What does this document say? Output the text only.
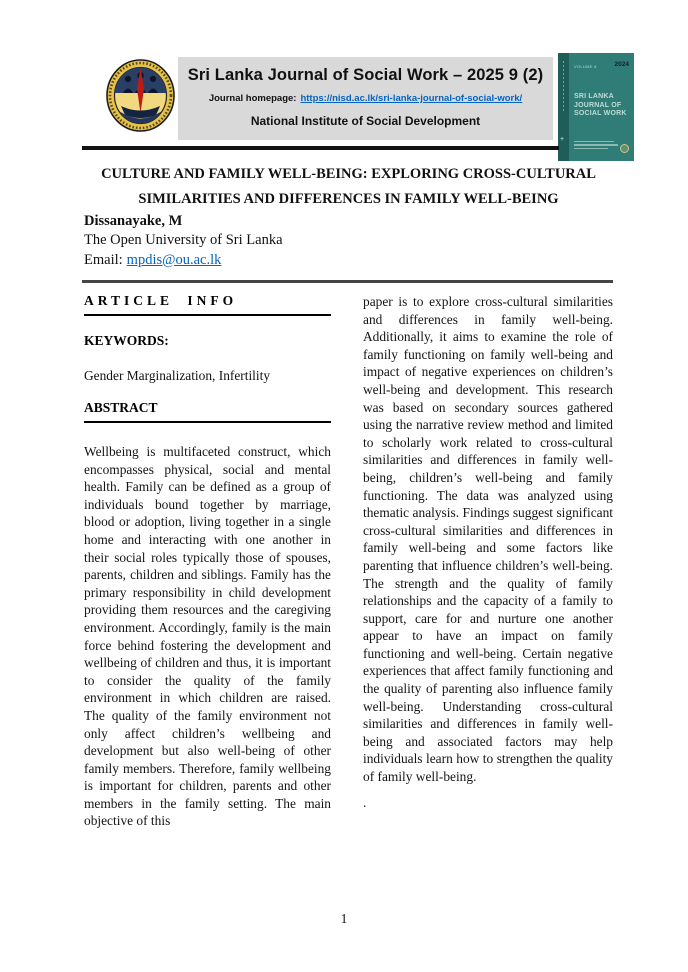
Sri Lanka Journal of Social Work – 2025 9 (2)
Journal homepage: https://nisd.ac.lk/sri-lanka-journal-of-social-work/
National Institute of Social Development
+
VOLUME 8	2024
SRI LANKA
JOURNAL OF
SOCIAL WORK
CULTURE AND FAMILY WELL-BEING: EXPLORING CROSS-CULTURAL
SIMILARITIES AND DIFFERENCES IN FAMILY WELL-BEING
Dissanayake, M
The Open University of Sri Lanka
Email: mpdis@ou.ac.lk
ARTICLE INFO
KEYWORDS:
Gender Marginalization, Infertility
ABSTRACT

Wellbeing is multifaceted construct, which encompasses physical, social and mental health. Family can be defined as a group of individuals bound together by marriage, blood or adoption, living together in a single home and interacting with one another in their social roles typically those of spouses, parents, children and siblings. Family has the primary responsibility in child development providing them resources and the caregiving environment. Accordingly, family is the main force behind fostering the development and wellbeing of children and thus, it is important to consider the quality of the family environment in which children are raised. The quality of the family environment not only affect children’s wellbeing and development but also well-being of other family members. Therefore, family wellbeing is important for children, parents and other members in the family setting. The main objective of this

paper is to explore cross-cultural similarities and differences in family well-being. Additionally, it aims to examine the role of family functioning on family well-being and impact of negative experiences on children’s well-being and development. This research was based on secondary sources gathered using the narrative review method and limited to scholarly work related to cross-cultural similarities and differences in family well-being, children’s well-being and family functioning. The data was analyzed using thematic analysis. Findings suggest significant cross-cultural similarities and differences in family well-being and some factors like parenting that influence children’s well-being. The strength and the quality of family relationships and the capacity of a family to support, care for and nurture one another appear to have an impact on family functioning and well-being. Certain negative experiences that affect family functioning and the quality of parenting also influence family well-being. Understanding cross-cultural similarities and differences in family well-being and associated factors may help individuals learn how to strengthen the quality of family well-being.

.
1
